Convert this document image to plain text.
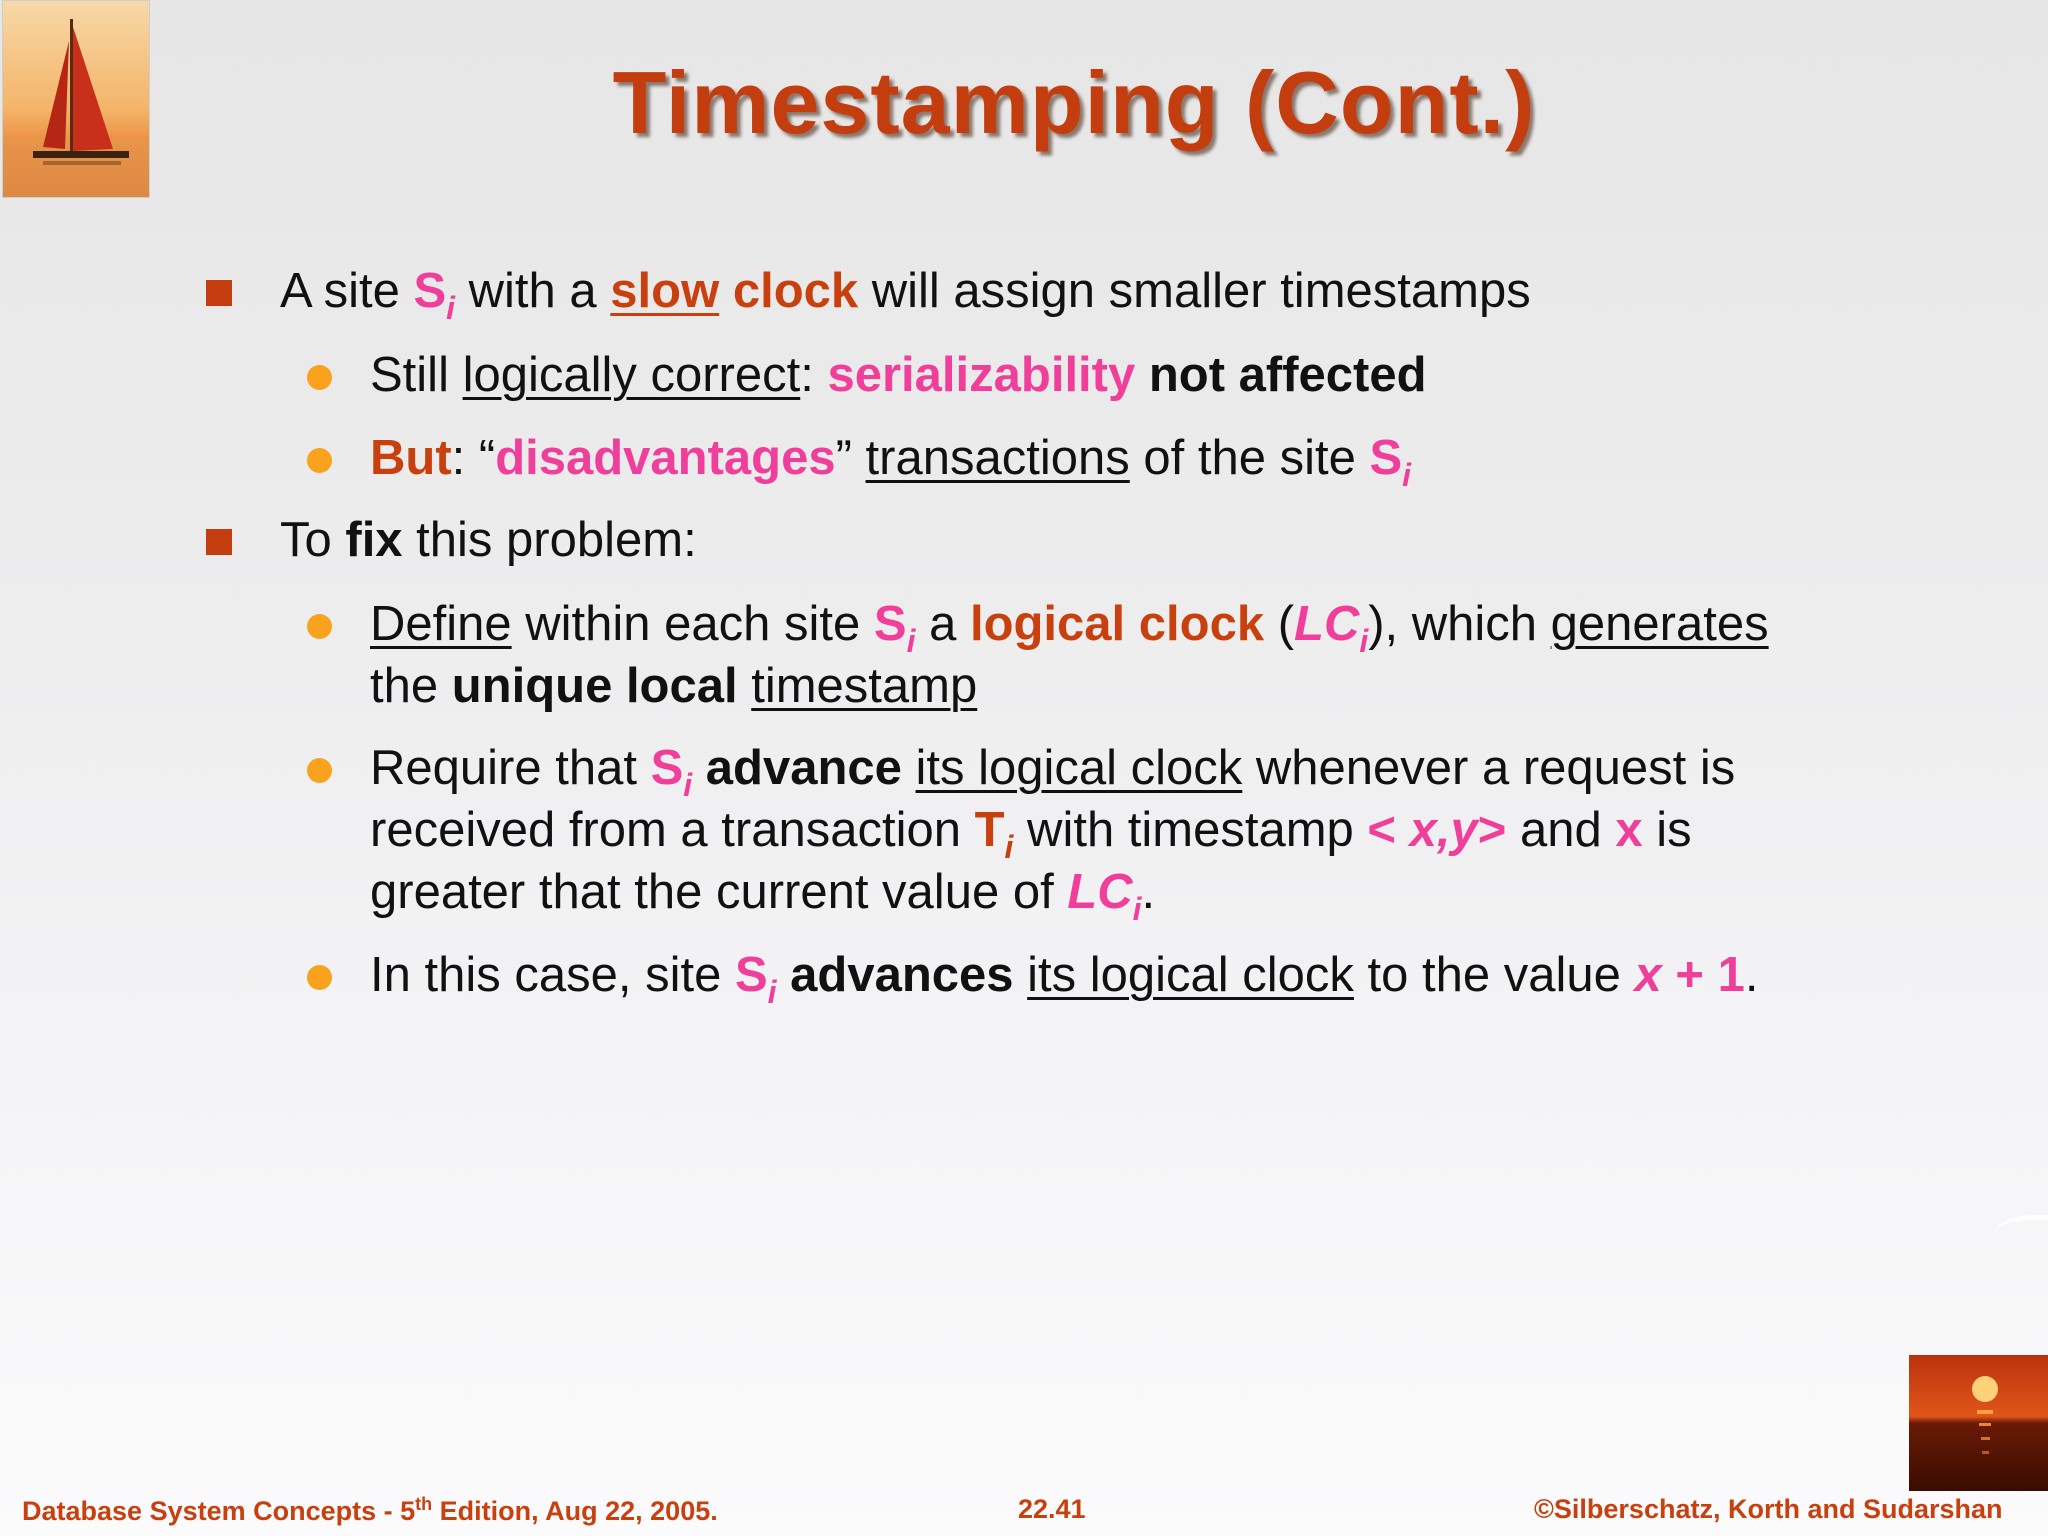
Timestamping (Cont.)
A site $S_i$ with a slow clock will assign smaller timestamps
Still logically correct: serializability not affected
But: “disadvantages” transactions of the site $S_i$
To fix this problem:
Define within each site $S_i$ a logical clock $(LC_i)$, which generates
the unique local timestamp
Require that $S_i$ advance its logical clock whenever a request is
received from a transaction $T_i$ with timestamp < x,y> and x is
greater that the current value of $LC_i$.
In this case, site $S_i$ advances its logical clock to the value x + 1.
Database System Concepts - 5th Edition, Aug 22, 2005.	22.41	©Silberschatz, Korth and Sudarshan
